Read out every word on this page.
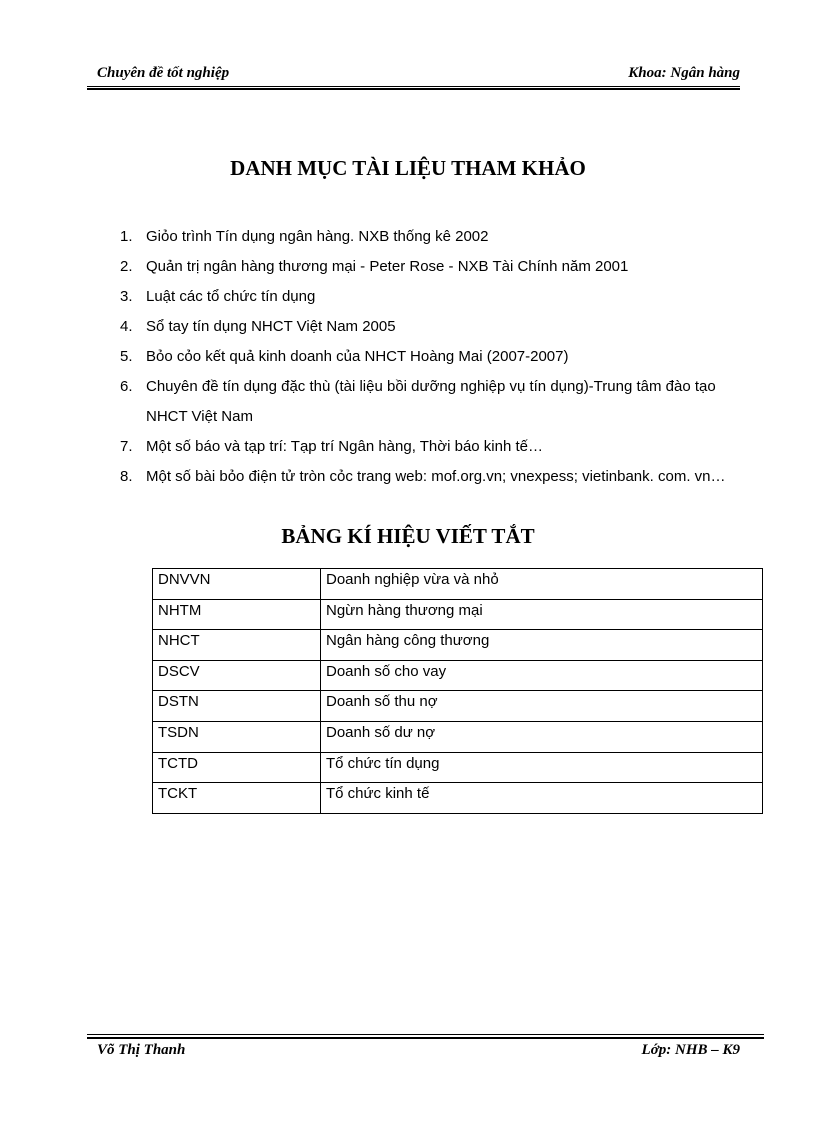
Chuyên đề tốt nghiệp	Khoa: Ngân hàng
DANH MỤC TÀI LIỆU THAM KHẢO
1. Giỏo trình Tín dụng ngân hàng. NXB thống kê 2002
2. Quản trị ngân hàng thương mại - Peter Rose - NXB Tài Chính năm 2001
3. Luật các tổ chức tín dụng
4. Sổ tay tín dụng NHCT Việt Nam 2005
5. Bỏo cỏo kết quả kinh doanh của NHCT Hoàng Mai (2007-2007)
6. Chuyên đề tín dụng đặc thù (tài liệu bồi dưỡng nghiệp vụ tín dụng)-Trung tâm đào tạo NHCT Việt Nam
7. Một số báo và tạp trí: Tạp trí Ngân hàng, Thời báo kinh tế…
8. Một số bài bỏo điện tử tròn cỏc trang web: mof.org.vn; vnexpess; vietinbank. com. vn…
BẢNG KÍ HIỆU VIẾT TẮT
DNVVN	Doanh nghiệp vừa và nhỏ
NHTM	Ngừn hàng thương mại
NHCT	Ngân hàng công thương
DSCV	Doanh số cho vay
DSTN	Doanh số thu nợ
TSDN	Doanh số dư nợ
TCTD	Tổ chức tín dụng
TCKT	Tổ chức kinh tế
Võ Thị Thanh	Lớp: NHB – K9
